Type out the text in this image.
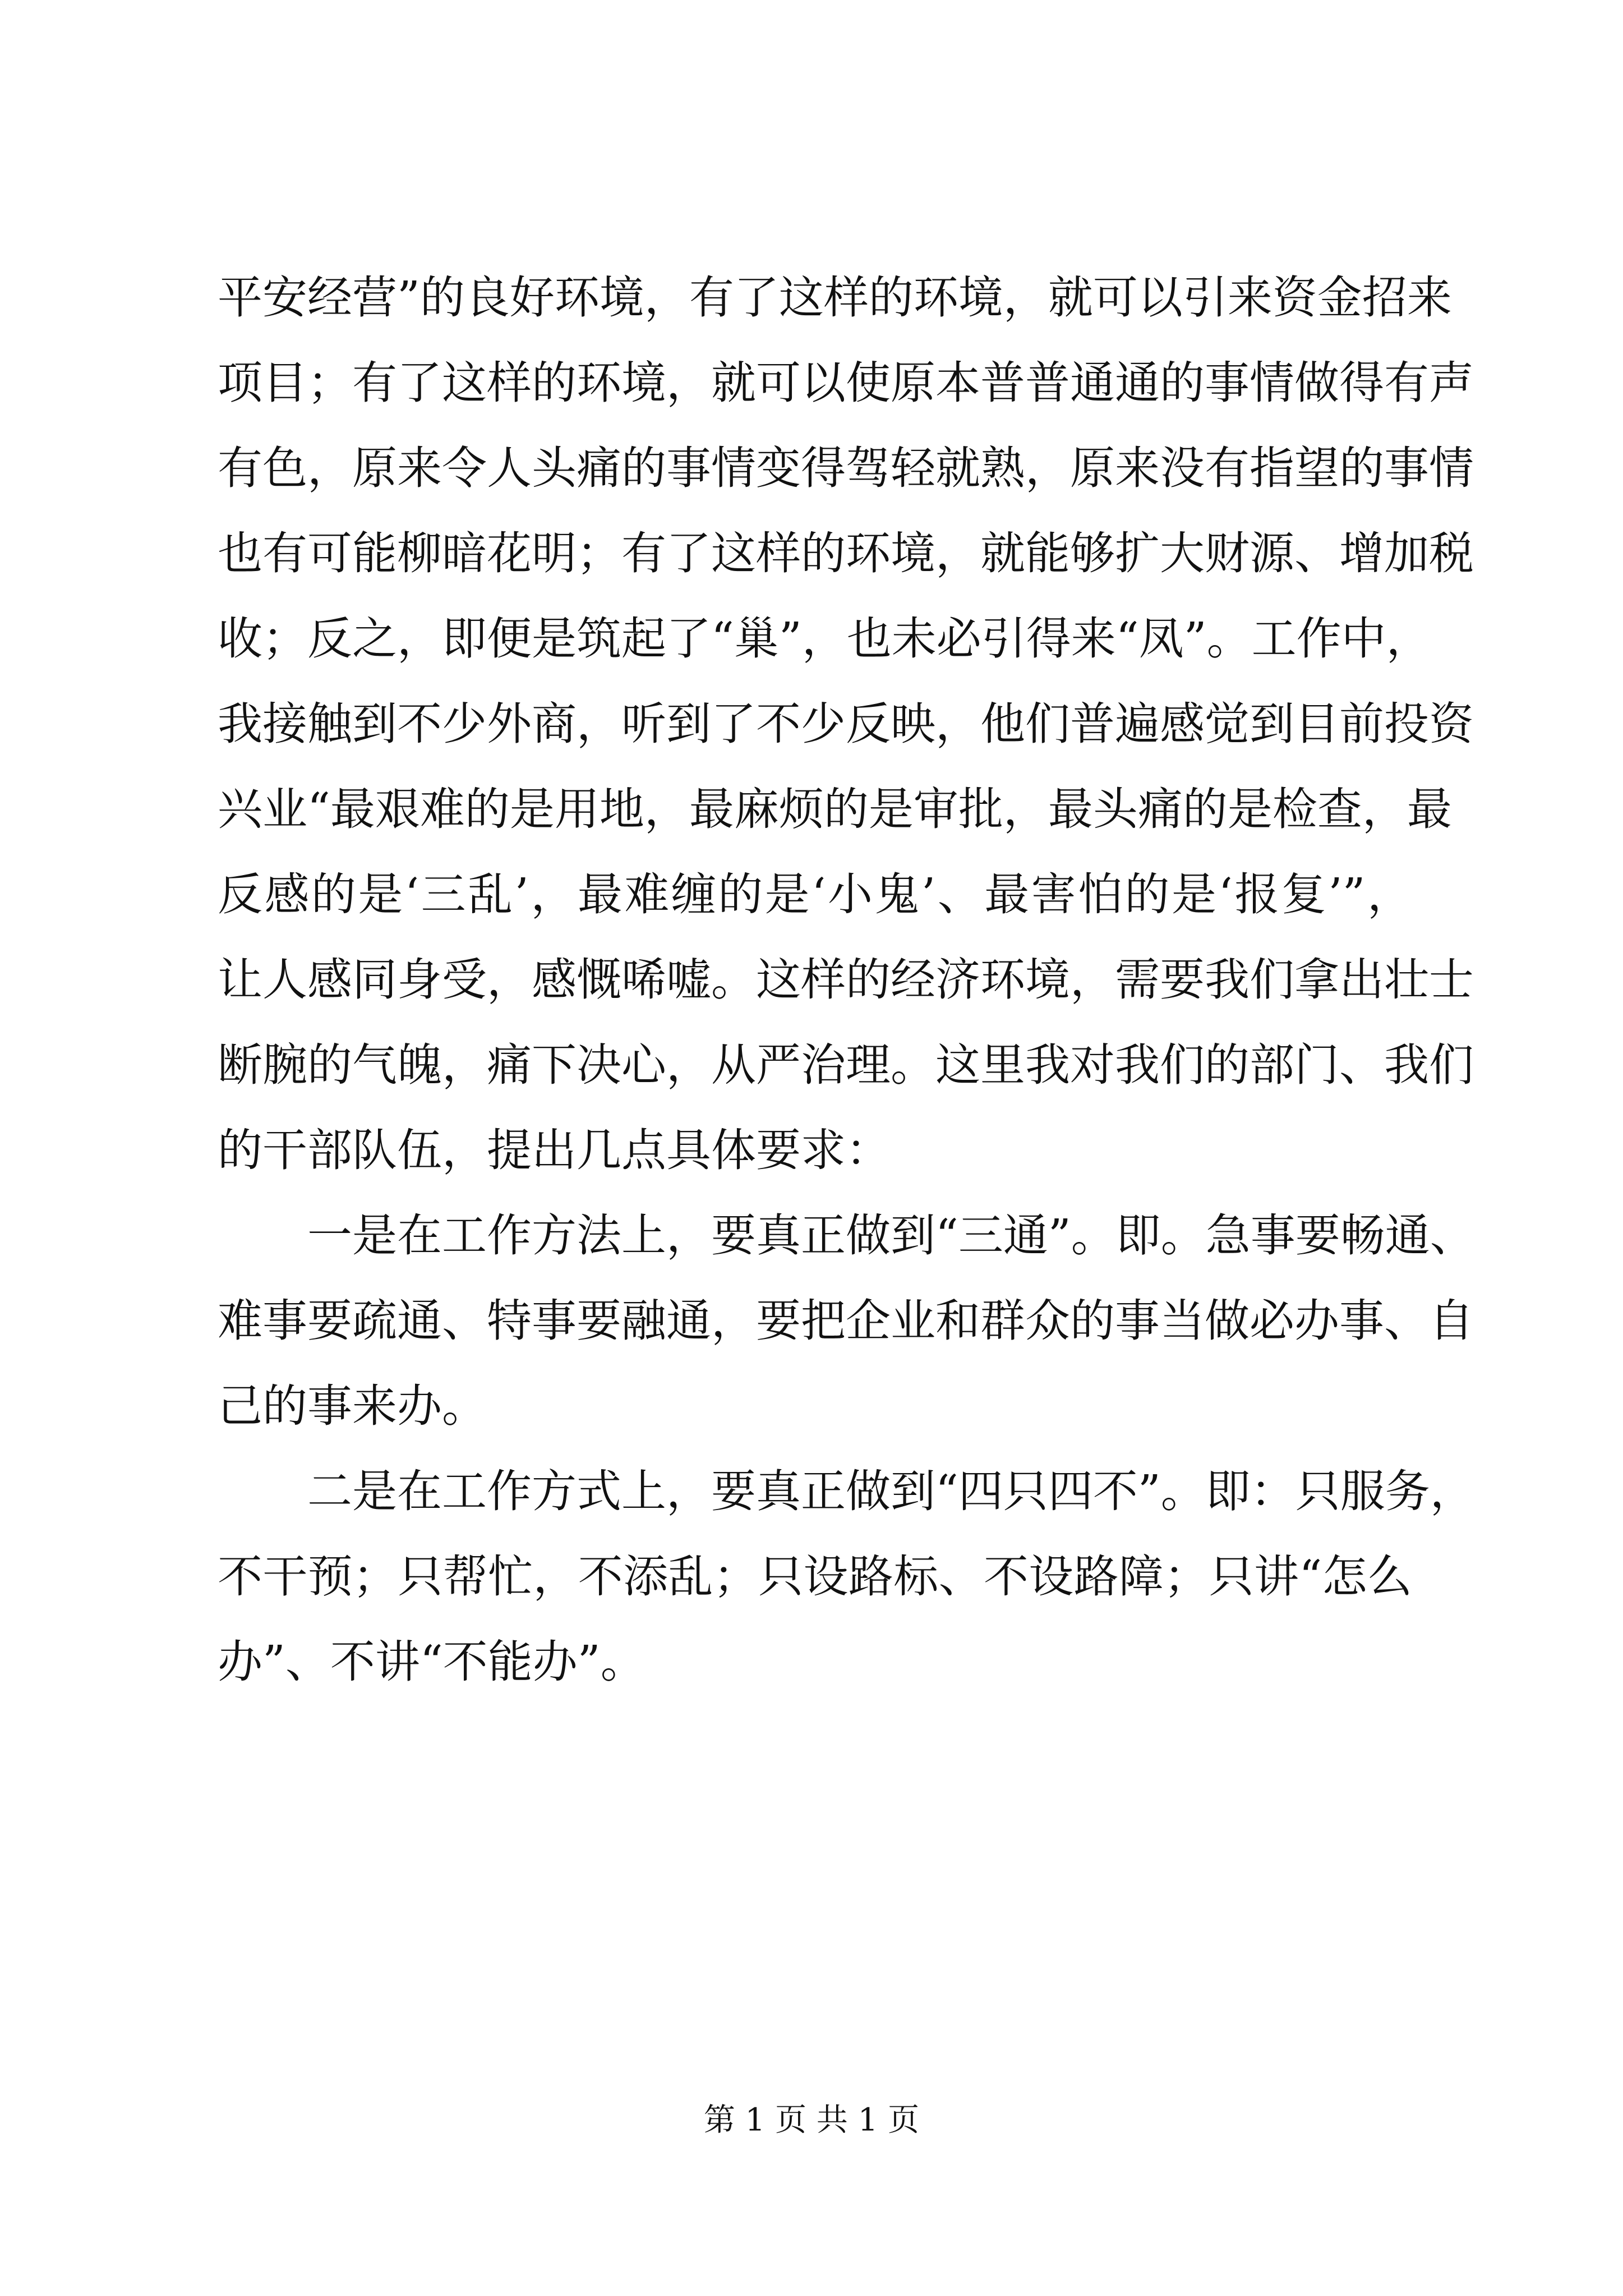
平安经营”的良好环境，有了这样的环境，就可以引来资金招来
项目；有了这样的环境，就可以使原本普普通通的事情做得有声
有色，原来令人头痛的事情变得驾轻就熟，原来没有指望的事情
也有可能柳暗花明；有了这样的环境，就能够扩大财源、增加税
收；反之，即便是筑起了“巢”，也未必引得来“凤”。工作中，
我接触到不少外商，听到了不少反映，他们普遍感觉到目前投资
兴业“最艰难的是用地，最麻烦的是审批，最头痛的是检查，最
反感的是‘三乱’，最难缠的是‘小鬼’、最害怕的是‘报复’”，
让人感同身受，感慨唏嘘。这样的经济环境，需要我们拿出壮士
断腕的气魄，痛下决心，从严治理。这里我对我们的部门、我们
的干部队伍，提出几点具体要求：
一是在工作方法上，要真正做到“三通”。即。急事要畅通、
难事要疏通、特事要融通，要把企业和群众的事当做必办事、自
己的事来办。
二是在工作方式上，要真正做到“四只四不”。即：只服务，
不干预；只帮忙，不添乱；只设路标、不设路障；只讲“怎么
办”、不讲“不能办”。
第 1 页 共 1 页
